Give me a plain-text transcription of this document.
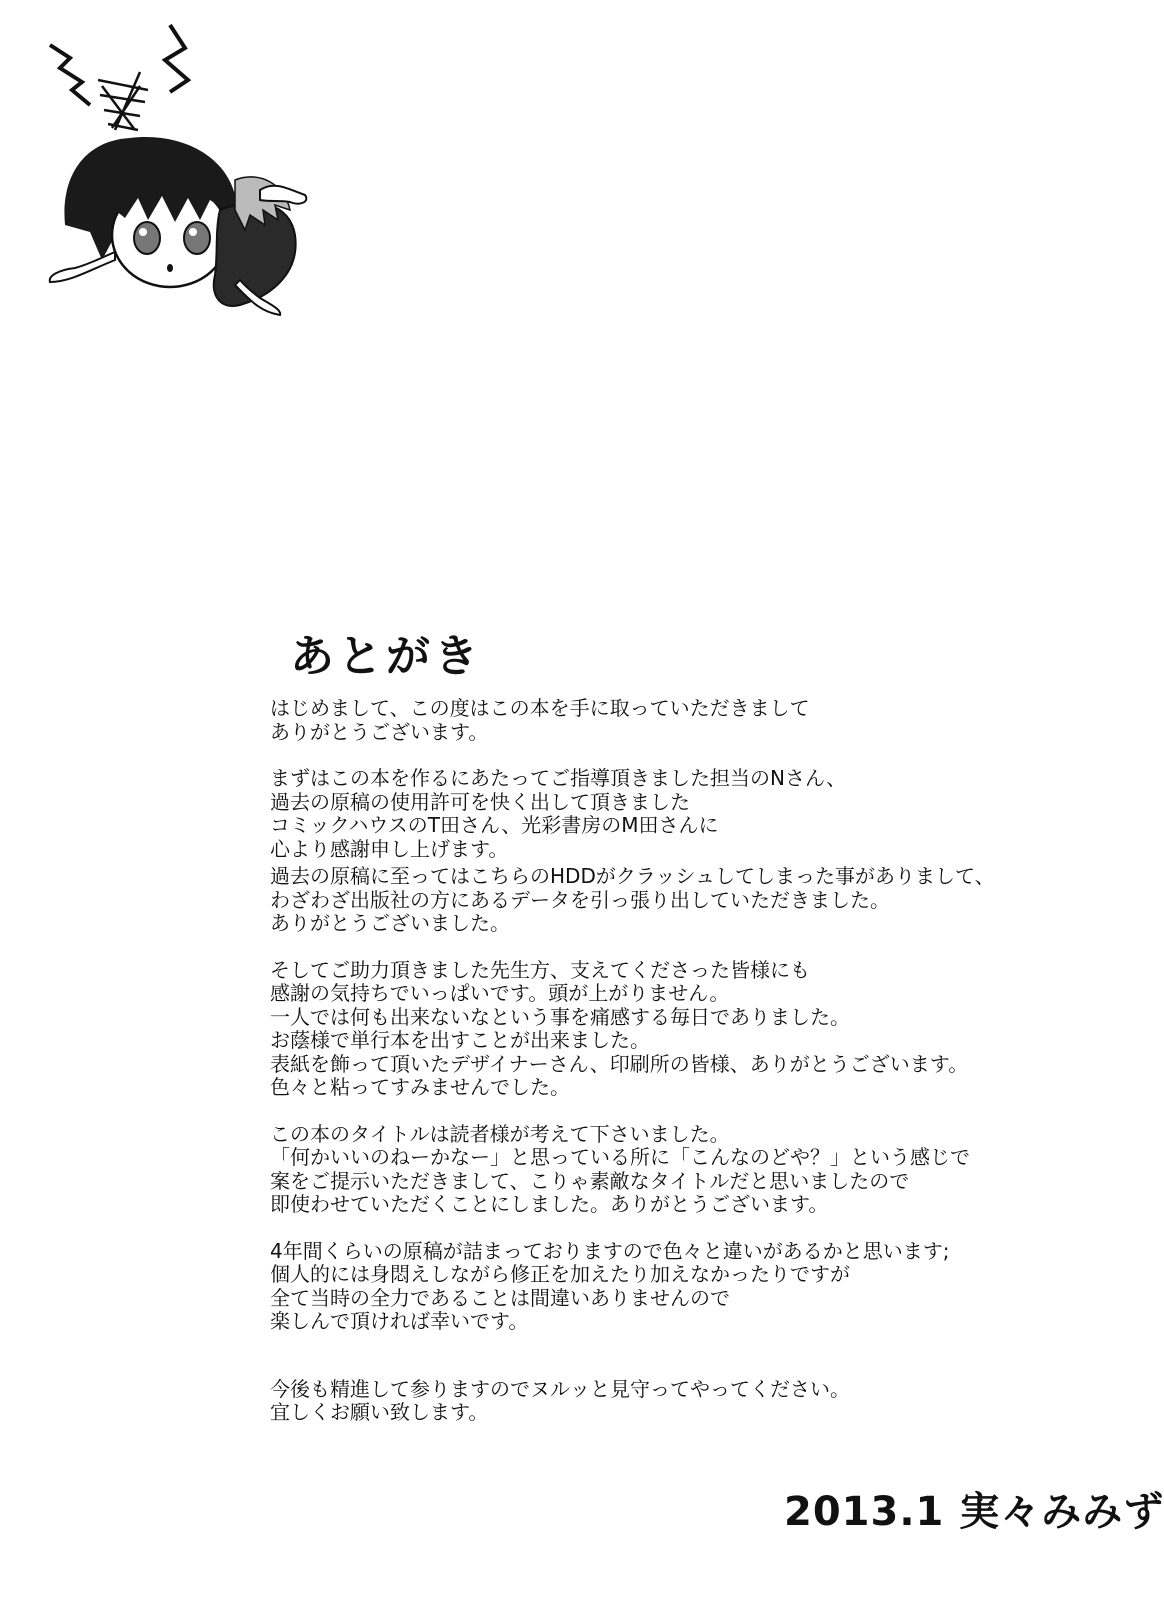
あとがき

はじめまして、この度はこの本を手に取っていただきまして
ありがとうございます。

まずはこの本を作るにあたってご指導頂きました担当のNさん、
過去の原稿の使用許可を快く出して頂きました
コミックハウスのT田さん、光彩書房のM田さんに
心より感謝申し上げます。

過去の原稿に至ってはこちらのHDDがクラッシュしてしまった事がありまして、
わざわざ出版社の方にあるデータを引っ張り出していただきました。
ありがとうございました。

そしてご助力頂きました先生方、支えてくださった皆様にも
感謝の気持ちでいっぱいです。頭が上がりません。
一人では何も出来ないなという事を痛感する毎日でありました。
お蔭様で単行本を出すことが出来ました。
表紙を飾って頂いたデザイナーさん、印刷所の皆様、ありがとうございます。
色々と粘ってすみませんでした。

この本のタイトルは読者様が考えて下さいました。
「何かいいのねーかなー」と思っている所に「こんなのどや？」という感じで
案をご提示いただきまして、こりゃ素敵なタイトルだと思いましたので
即使わせていただくことにしました。ありがとうございます。

4年間くらいの原稿が詰まっておりますので色々と違いがあるかと思います;
個人的には身悶えしながら修正を加えたり加えなかったりですが
全て当時の全力であることは間違いありませんので
楽しんで頂ければ幸いです。

今後も精進して参りますのでヌルッと見守ってやってください。
宜しくお願い致します。

2013.1 実々みみず
